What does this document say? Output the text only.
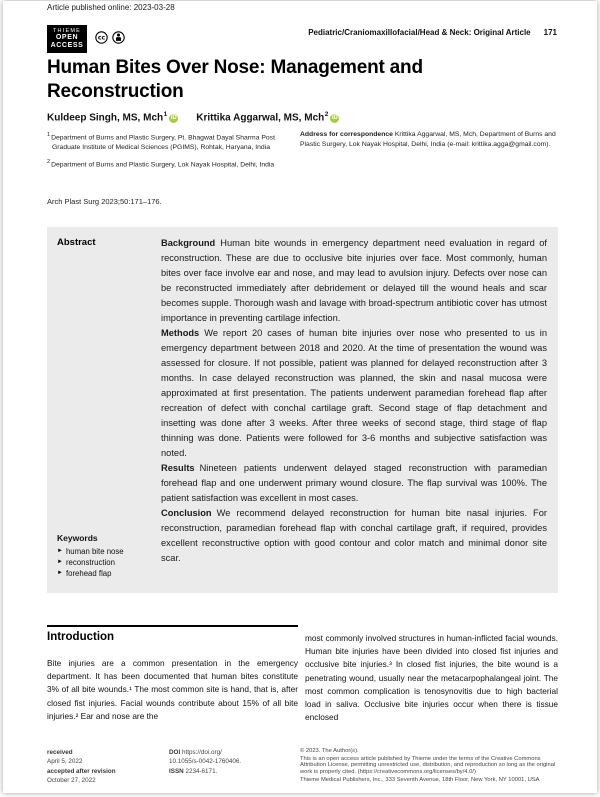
Article published online: 2023-03-28
THIEME
OPEN
ACCESS
cc
Pediatric/Craniomaxillofacial/Head & Neck: Original Article 171
Human Bites Over Nose: Management and Reconstruction
Kuldeep Singh, MS, Mch$^1$iD Krittika Aggarwal, MS, Mch$^2$iD

$^1$Department of Burns and Plastic Surgery, Pt. Bhagwat Dayal Sharma Post Graduate Institute of Medical Sciences (PGIMS), Rohtak, Haryana, India

$^2$Department of Burns and Plastic Surgery, Lok Nayak Hospital, Delhi, India

Address for correspondence Krittika Aggarwal, MS, Mch, Department of Burns and Plastic Surgery, Lok Nayak Hospital, Delhi, India (e-mail: krittika.agga@gmail.com).
Arch Plast Surg 2023;50:171–176.
Abstract	Background Human bite wounds in emergency department need evaluation in regard of reconstruction. These are due to occlusive bite injuries over face. Most commonly, human bites over face involve ear and nose, and may lead to avulsion injury. Defects over nose can be reconstructed immediately after debridement or delayed till the wound heals and scar becomes supple. Thorough wash and lavage with broad-spectrum antibiotic cover has utmost importance in preventing cartilage infection.

Methods We report 20 cases of human bite injuries over nose who presented to us in emergency department between 2018 and 2020. At the time of presentation the wound was assessed for closure. If not possible, patient was planned for delayed reconstruction after 3 months. In case delayed reconstruction was planned, the skin and nasal mucosa were approximated at first presentation. The patients underwent paramedian forehead flap after recreation of defect with conchal cartilage graft. Second stage of flap detachment and insetting was done after 3 weeks. After three weeks of second stage, third stage of flap thinning was done. Patients were followed for 3-6 months and subjective satisfaction was noted.

Results Nineteen patients underwent delayed staged reconstruction with paramedian forehead flap and one underwent primary wound closure. The flap survival was 100%. The patient satisfaction was excellent in most cases.

Conclusion We recommend delayed reconstruction for human bite nasal injuries. For reconstruction, paramedian forehead flap with conchal cartilage graft, if required, provides excellent reconstructive option with good contour and color match and minimal donor site scar.

Keywords
► human bite nose
► reconstruction
► forehead flap
Introduction

Bite injuries are a common presentation in the emergency department. It has been documented that human bites constitute 3% of all bite wounds.¹ The most common site is hand, that is, after closed fist injuries. Facial wounds contribute about 15% of all bite injuries.² Ear and nose are the

most commonly involved structures in human-inflicted facial wounds. Human bite injuries have been divided into closed fist injuries and occlusive bite injuries.³ In closed fist injuries, the bite wound is a penetrating wound, usually near the metacarpophalangeal joint. The most common complication is tenosynovitis due to high bacterial load in saliva. Occlusive bite injuries occur when there is tissue enclosed

received
April 5, 2022
accepted after revision
October 27, 2022
DOI https://doi.org/
10.1055/s-0042-1760406.
ISSN 2234-6171.
© 2023. The Author(s).
This is an open access article published by Thieme under the terms of the Creative Commons Attribution License, permitting unrestricted use, distribution, and reproduction so long as the original work is properly cited. (https://creativecommons.org/licenses/by/4.0/)
Thieme Medical Publishers, Inc., 333 Seventh Avenue, 18th Floor, New York, NY 10001, USA
